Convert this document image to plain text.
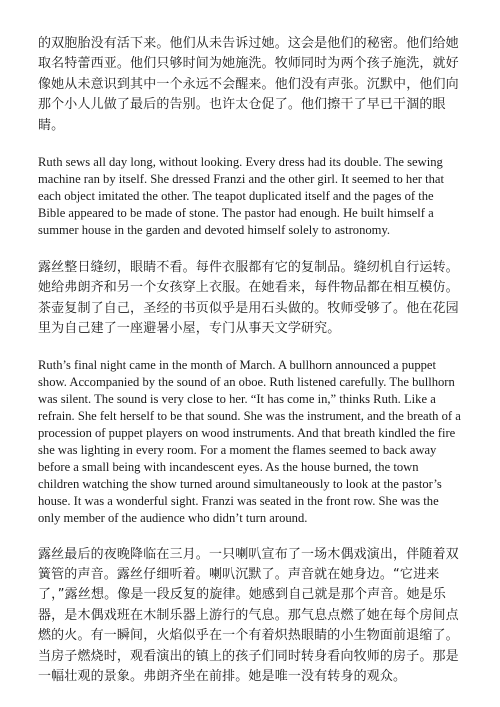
的双胞胎没有活下来。他们从未告诉过她。这会是他们的秘密。他们给她取名特蕾西亚。他们只够时间为她施洗。牧师同时为两个孩子施洗，就好像她从未意识到其中一个永远不会醒来。他们没有声张。沉默中，他们向那个小人儿做了最后的告别。也许太仓促了。他们擦干了早已干涸的眼睛。

Ruth sews all day long, without looking. Every dress had its double. The sewing machine ran by itself. She dressed Franzi and the other girl. It seemed to her that each object imitated the other. The teapot duplicated itself and the pages of the Bible appeared to be made of stone. The pastor had enough. He built himself a summer house in the garden and devoted himself solely to astronomy.

露丝整日缝纫，眼睛不看。每件衣服都有它的复制品。缝纫机自行运转。她给弗朗齐和另一个女孩穿上衣服。在她看来，每件物品都在相互模仿。茶壶复制了自己，圣经的书页似乎是用石头做的。牧师受够了。他在花园里为自己建了一座避暑小屋，专门从事天文学研究。

Ruth’s final night came in the month of March. A bullhorn announced a puppet show. Accompanied by the sound of an oboe. Ruth listened carefully. The bullhorn was silent. The sound is very close to her. “It has come in,” thinks Ruth. Like a refrain. She felt herself to be that sound. She was the instrument, and the breath of a procession of puppet players on wood instruments. And that breath kindled the fire she was lighting in every room. For a moment the flames seemed to back away before a small being with incandescent eyes. As the house burned, the town children watching the show turned around simultaneously to look at the pastor’s house. It was a wonderful sight. Franzi was seated in the front row. She was the only member of the audience who didn’t turn around.

露丝最后的夜晚降临在三月。一只喇叭宣布了一场木偶戏演出，伴随着双簧管的声音。露丝仔细听着。喇叭沉默了。声音就在她身边。“它进来了，”露丝想。像是一段反复的旋律。她感到自己就是那个声音。她是乐器，是木偶戏班在木制乐器上游行的气息。那气息点燃了她在每个房间点燃的火。有一瞬间，火焰似乎在一个有着炽热眼睛的小生物面前退缩了。当房子燃烧时，观看演出的镇上的孩子们同时转身看向牧师的房子。那是一幅壮观的景象。弗朗齐坐在前排。她是唯一没有转身的观众。
